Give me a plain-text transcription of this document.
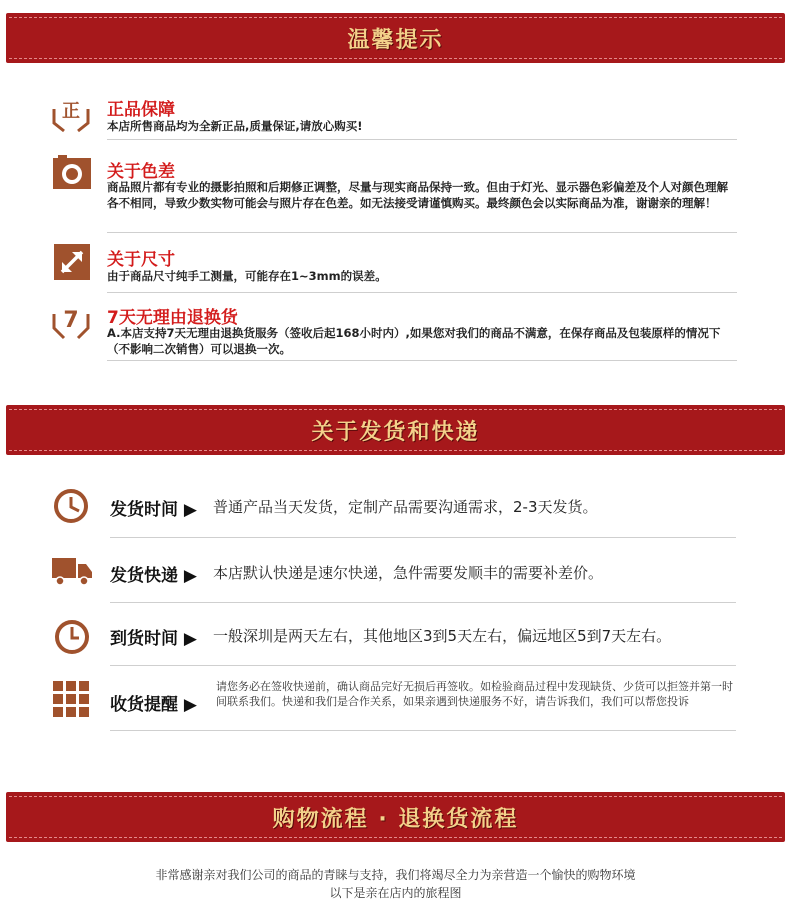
温馨提示
正 正品保障
本店所售商品均为全新正品,质量保证,请放心购买!
关于色差
商品照片都有专业的摄影拍照和后期修正调整，尽量与现实商品保持一致。但由于灯光、显示器色彩偏差及个人对颜色理解各不相同，导致少数实物可能会与照片存在色差。如无法接受请谨慎购买。最终颜色会以实际商品为准，谢谢亲的理解！
关于尺寸
由于商品尺寸纯手工测量，可能存在1~3mm的误差。
7 7天无理由退换货
A.本店支持7天无理由退换货服务（签收后起168小时内）,如果您对我们的商品不满意，在保存商品及包装原样的情况下（不影响二次销售）可以退换一次。
关于发货和快递
发货时间 ▶ 普通产品当天发货，定制产品需要沟通需求，2-3天发货。
发货快递 ▶ 本店默认快递是速尔快递，急件需要发顺丰的需要补差价。
到货时间 ▶ 一般深圳是两天左右，其他地区3到5天左右，偏远地区5到7天左右。
收货提醒 ▶
请您务必在签收快递前，确认商品完好无损后再签收。如检验商品过程中发现缺货、少货可以拒签并第一时间联系我们。快递和我们是合作关系，如果亲遇到快递服务不好，请告诉我们，我们可以帮您投诉
购物流程 · 退换货流程
非常感谢亲对我们公司的商品的青睐与支持，我们将竭尽全力为亲营造一个愉快的购物环境
以下是亲在店内的旅程图
